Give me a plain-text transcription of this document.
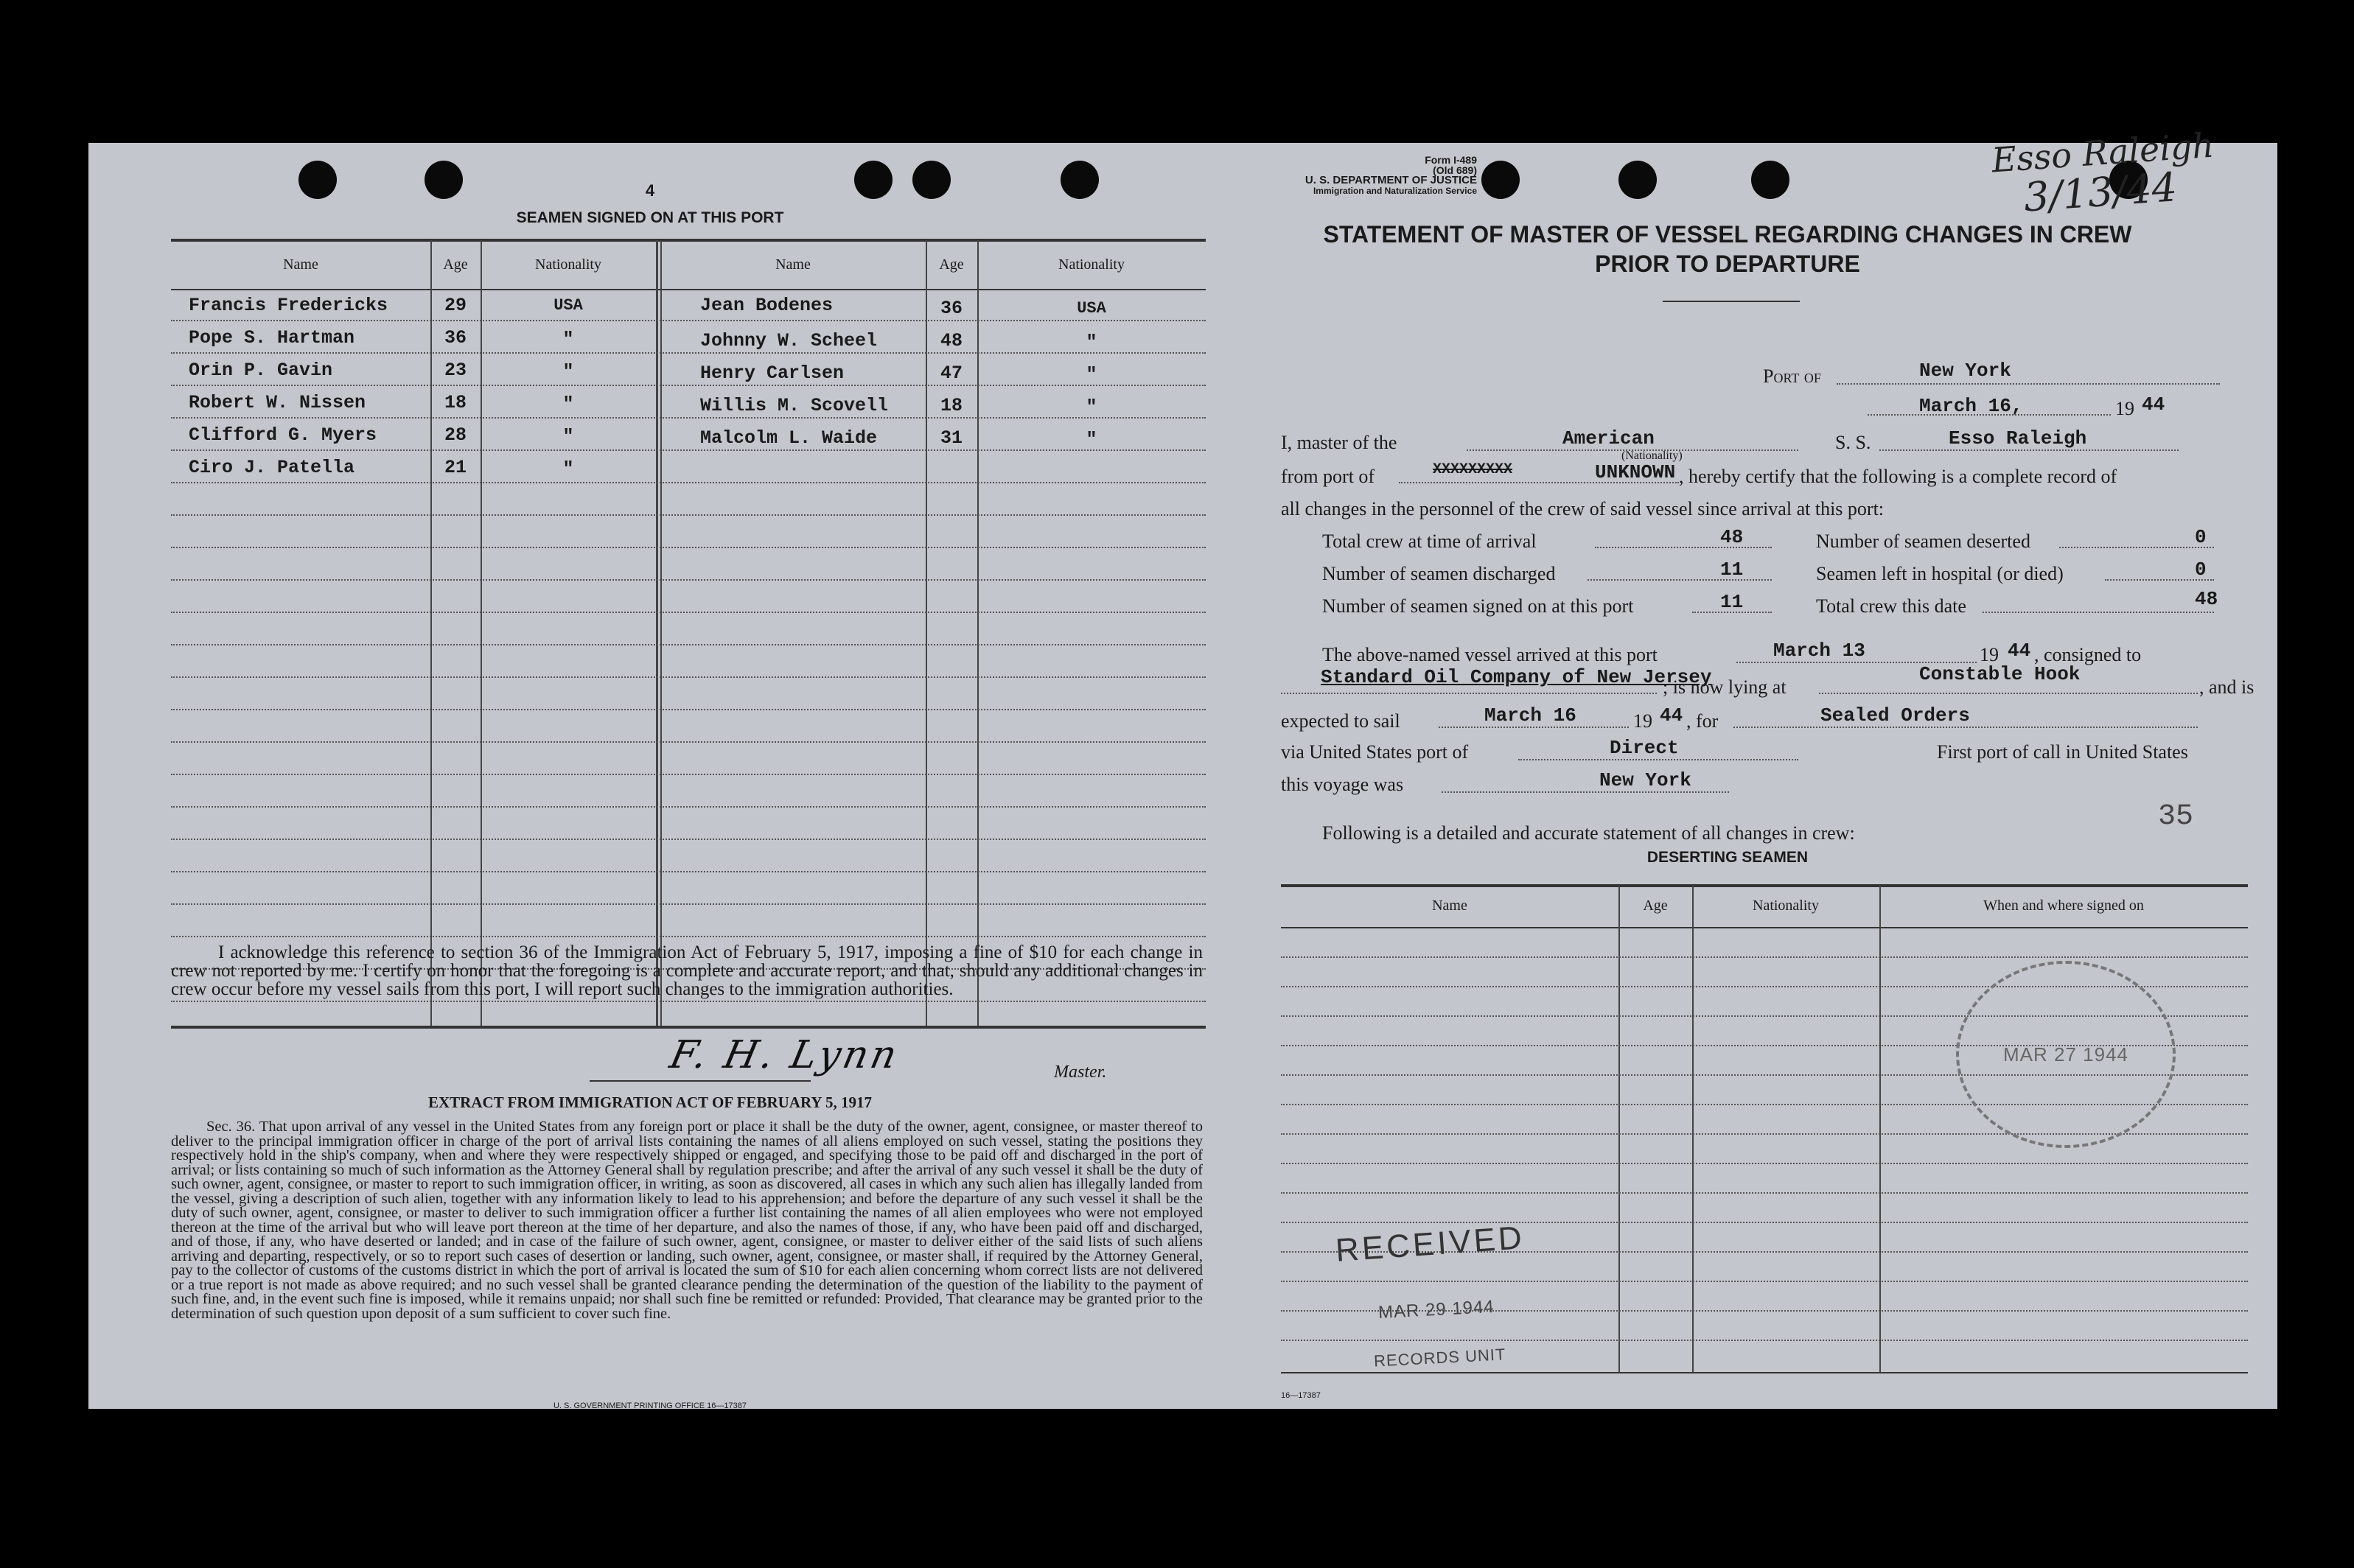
4
SEAMEN SIGNED ON AT THIS PORT
Name	Age	Nationality	Name	Age	Nationality
Francis Fredericks	29	USA
Pope S. Hartman	36	"
Orin P. Gavin	23	"
Robert W. Nissen	18	"
Clifford G. Myers	28	"
Ciro J. Patella	21	"
Jean Bodenes	36	USA
Johnny W. Scheel	48	"
Henry Carlsen	47	"
Willis M. Scovell	18	"
Malcolm L. Waide	31	"
I acknowledge this reference to section 36 of the Immigration Act of February 5, 1917, imposing a fine of $10 for each change in crew not reported by me. I certify on honor that the foregoing is a complete and accurate report, and that, should any additional changes in crew occur before my vessel sails from this port, I will report such changes to the immigration authorities.
F. H. Lynn	Master.
EXTRACT FROM IMMIGRATION ACT OF FEBRUARY 5, 1917
Sec. 36. That upon arrival of any vessel in the United States from any foreign port or place it shall be the duty of the owner, agent, consignee, or master thereof to deliver to the principal immigration officer in charge of the port of arrival lists containing the names of all aliens employed on such vessel, stating the positions they respectively hold in the ship's company, when and where they were respectively shipped or engaged, and specifying those to be paid off and discharged in the port of arrival; or lists containing so much of such information as the Attorney General shall by regulation prescribe; and after the arrival of any such vessel it shall be the duty of such owner, agent, consignee, or master to report to such immigration officer, in writing, as soon as discovered, all cases in which any such alien has illegally landed from the vessel, giving a description of such alien, together with any information likely to lead to his apprehension; and before the departure of any such vessel it shall be the duty of such owner, agent, consignee, or master to deliver to such immigration officer a further list containing the names of all alien employees who were not employed thereon at the time of the arrival but who will leave port thereon at the time of her departure, and also the names of those, if any, who have been paid off and discharged, and of those, if any, who have deserted or landed; and in case of the failure of such owner, agent, consignee, or master to deliver either of the said lists of such aliens arriving and departing, respectively, or so to report such cases of desertion or landing, such owner, agent, consignee, or master shall, if required by the Attorney General, pay to the collector of customs of the customs district in which the port of arrival is located the sum of $10 for each alien concerning whom correct lists are not delivered or a true report is not made as above required; and no such vessel shall be granted clearance pending the determination of the question of the liability to the payment of such fine, and, in the event such fine is imposed, while it remains unpaid; nor shall such fine be remitted or refunded: Provided, That clearance may be granted prior to the determination of such question upon deposit of a sum sufficient to cover such fine.
U. S. GOVERNMENT PRINTING OFFICE 16—17387
Form I-489
(Old 689)
U. S. DEPARTMENT OF JUSTICE
Immigration and Naturalization Service
Esso Raleigh
3/13/44
STATEMENT OF MASTER OF VESSEL REGARDING CHANGES IN CREW
PRIOR TO DEPARTURE
Port of	New York
March 16,	19 44
I, master of the	American
(Nationality)
S. S.	Esso Raleigh
from port of	XXXXXXXXX	UNKNOWN , hereby certify that the following is a complete record of
all changes in the personnel of the crew of said vessel since arrival at this port:
Total crew at time of arrival	48
Number of seamen discharged	11
Number of seamen signed on at this port	11
Number of seamen deserted	0
Seamen left in hospital (or died)	0
Total crew this date	48
The above-named vessel arrived at this port	March 13	19 44 , consigned to
Standard Oil Company of New Jersey
; is now lying at
Constable Hook
, and is
expected to sail	March 16	19 44 , for	Sealed Orders
via United States port of	Direct	First port of call in United States
this voyage was	New York
35
Following is a detailed and accurate statement of all changes in crew:
DESERTING SEAMEN
Name	Age	Nationality	When and where signed on
MAR 27 1944
RECEIVED
MAR 29 1944
RECORDS UNIT
16—17387
